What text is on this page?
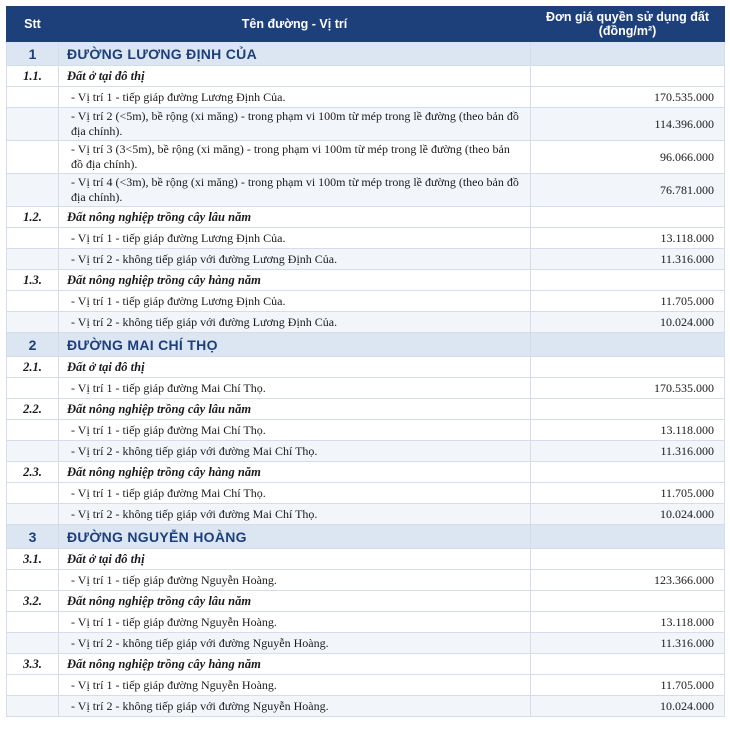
Stt	Tên đường - Vị trí	Đơn giá quyền sử dụng đất
(đồng/m²)
1	ĐƯỜNG LƯƠNG ĐỊNH CỦA	
1.1.	Đất ở tại đô thị	
	- Vị trí 1 - tiếp giáp đường Lương Định Của.	170.535.000
	- Vị trí 2 (<5m), bề rộng (xi măng) - trong phạm vi 100m từ mép trong lề đường (theo bản đồ địa chính).	114.396.000
	- Vị trí 3 (3<5m), bề rộng (xi măng) - trong phạm vi 100m từ mép trong lề đường (theo bản đồ địa chính).	96.066.000
	- Vị trí 4 (<3m), bề rộng (xi măng) - trong phạm vi 100m từ mép trong lề đường (theo bản đồ địa chính).	76.781.000
1.2.	Đất nông nghiệp trồng cây lâu năm	
	- Vị trí 1 - tiếp giáp đường Lương Định Của.	13.118.000
	- Vị trí 2 - không tiếp giáp với đường Lương Định Của.	11.316.000
1.3.	Đất nông nghiệp trồng cây hàng năm	
	- Vị trí 1 - tiếp giáp đường Lương Định Của.	11.705.000
	- Vị trí 2 - không tiếp giáp với đường Lương Định Của.	10.024.000
2	ĐƯỜNG MAI CHÍ THỌ	
2.1.	Đất ở tại đô thị	
	- Vị trí 1 - tiếp giáp đường Mai Chí Thọ.	170.535.000
2.2.	Đất nông nghiệp trồng cây lâu năm	
	- Vị trí 1 - tiếp giáp đường Mai Chí Thọ.	13.118.000
	- Vị trí 2 - không tiếp giáp với đường Mai Chí Thọ.	11.316.000
2.3.	Đất nông nghiệp trồng cây hàng năm	
	- Vị trí 1 - tiếp giáp đường Mai Chí Thọ.	11.705.000
	- Vị trí 2 - không tiếp giáp với đường Mai Chí Thọ.	10.024.000
3	ĐƯỜNG NGUYỄN HOÀNG	
3.1.	Đất ở tại đô thị	
	- Vị trí 1 - tiếp giáp đường Nguyễn Hoàng.	123.366.000
3.2.	Đất nông nghiệp trồng cây lâu năm	
	- Vị trí 1 - tiếp giáp đường Nguyễn Hoàng.	13.118.000
	- Vị trí 2 - không tiếp giáp với đường Nguyễn Hoàng.	11.316.000
3.3.	Đất nông nghiệp trồng cây hàng năm	
	- Vị trí 1 - tiếp giáp đường Nguyễn Hoàng.	11.705.000
	- Vị trí 2 - không tiếp giáp với đường Nguyễn Hoàng.	10.024.000
